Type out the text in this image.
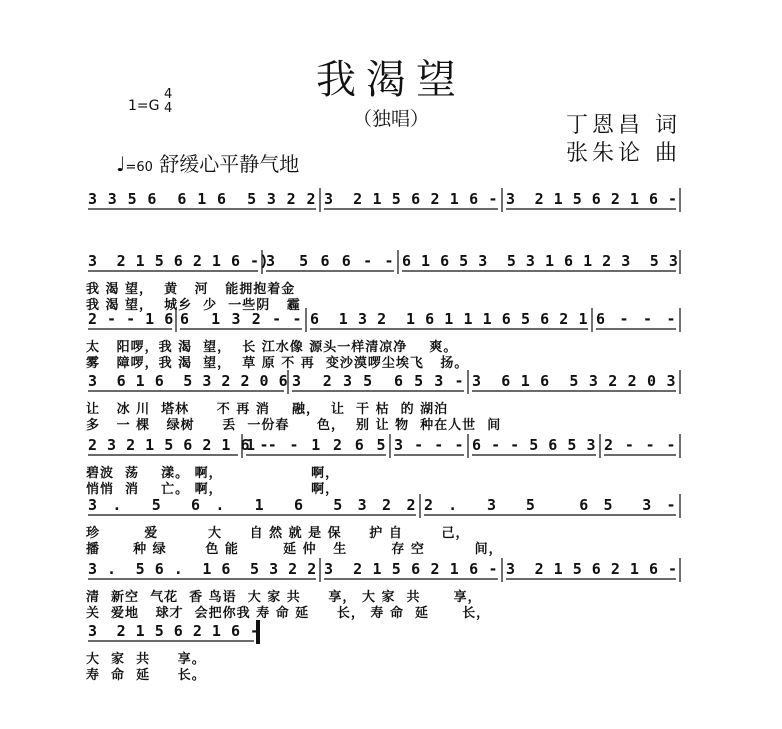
我渴望
（独唱）
1=G
4
4
♩=60 舒缓心平静气地
丁恩昌 词
张朱论 曲
3 3 5 6  6 1 6  5 3 2 2 3  2 1 5 6 2 1 6 - 3  2 1 5 6 2 1 6 -
3  2 1 5 6 2 1 6 -)
3  5 6 6 - - 6 1 6 5 3  5 3 1 6 1 2 3  5 3
我 渴 望，  黄   河   能拥抱着金
我 渴 望，  城乡  少  一些阴   霾
2 - - 1 6 6  1 3 2 - - 6  1 3 2  1 6 1 1 1 6 5 6 2 1 6 - - -
太   阳啰，我 渴  望，  长 江水像 源头一样清凉净    爽。
雾   障啰，我 渴  望，  草 原 不 再  变沙漠啰尘埃飞   扬。
3  6 1 6  5 3 2 2 0 6 3  2 3 5  6 5 3 - 3  6 1 6  5 3 2 2 0 3
让   冰 川  塔林     不 再 消    融，  让  干 枯  的 湖泊
多   一 棵   绿树     丢  一份春     色，  别 让 物  种在人世  间
2 3 2 1 5 6 2 1 6 -
1 - - 1 2 6 5 3 - - - 6 - - 5 6 5 3 2 - - -
碧波  荡    漾。 啊，                啊，
悄悄  消    亡。 啊，                啊，
3 .  5  6 .  1  6  5 3 2 2 2 .  3  5   6 5  3 -
珍        爱         大     自 然 就 是 保     护 自       己，
播      种 绿       色 能        延 仲   生        存 空         间，
3 .  5 6 .  1 6  5 3 2 2 3  2 1 5 6 2 1 6 - 3  2 1 5 6 2 1 6 -
清  新空  气花  香 鸟语  大 家 共     享， 大 家  共      享，
关  爱地   球才  会把你我 寿 命 延     长， 寿 命  延      长，
3  2 1 5 6 2 1 6 -
大  家  共     享。
寿  命  延     长。
